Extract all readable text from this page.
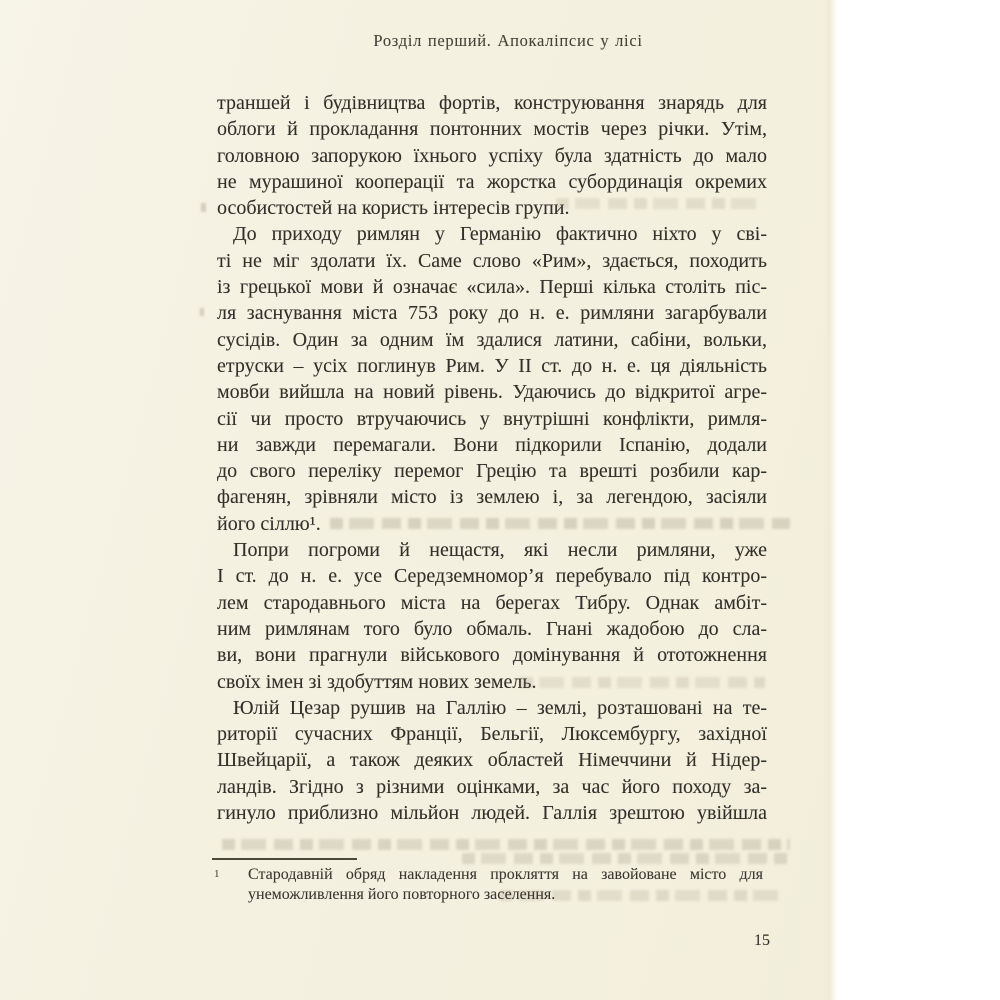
Розділ перший. Апокаліпсис у лісі
траншей і будівництва фортів, конструювання знарядь для
облоги й прокладання понтонних мостів через річки. Утім,
головною запорукою їхнього успіху була здатність до мало
не мурашиної кооперації та жорстка субординація окремих
особистостей на користь інтересів групи.
До приходу римлян у Германію фактично ніхто у сві-
ті не міг здолати їх. Саме слово «Рим», здається, походить
із грецької мови й означає «сила». Перші кілька століть піс-
ля заснування міста 753 року до н. е. римляни загарбували
сусідів. Один за одним їм здалися латини, сабіни, вольки,
етруски – усіх поглинув Рим. У II ст. до н. е. ця діяльність
мовби вийшла на новий рівень. Удаючись до відкритої агре-
сії чи просто втручаючись у внутрішні конфлікти, римля-
ни завжди перемагали. Вони підкорили Іспанію, додали
до свого переліку перемог Грецію та врешті розбили кар-
фагенян, зрівняли місто із землею і, за легендою, засіяли
його сіллю¹.
Попри погроми й нещастя, які несли римляни, уже
І ст. до н. е. усе Середземномор’я перебувало під контро-
лем стародавнього міста на берегах Тибру. Однак амбіт-
ним римлянам того було обмаль. Гнані жадобою до сла-
ви, вони прагнули військового домінування й ототожнення
своїх імен зі здобуттям нових земель.
Юлій Цезар рушив на Галлію – землі, розташовані на те-
риторії сучасних Франції, Бельгії, Люксембургу, західної
Швейцарії, а також деяких областей Німеччини й Нідер-
ландів. Згідно з різними оцінками, за час його походу за-
гинуло приблизно мільйон людей. Галлія зрештою увійшла
1 Стародавній обряд накладення прокляття на завойоване місто для
унеможливлення його повторного заселення.
15
